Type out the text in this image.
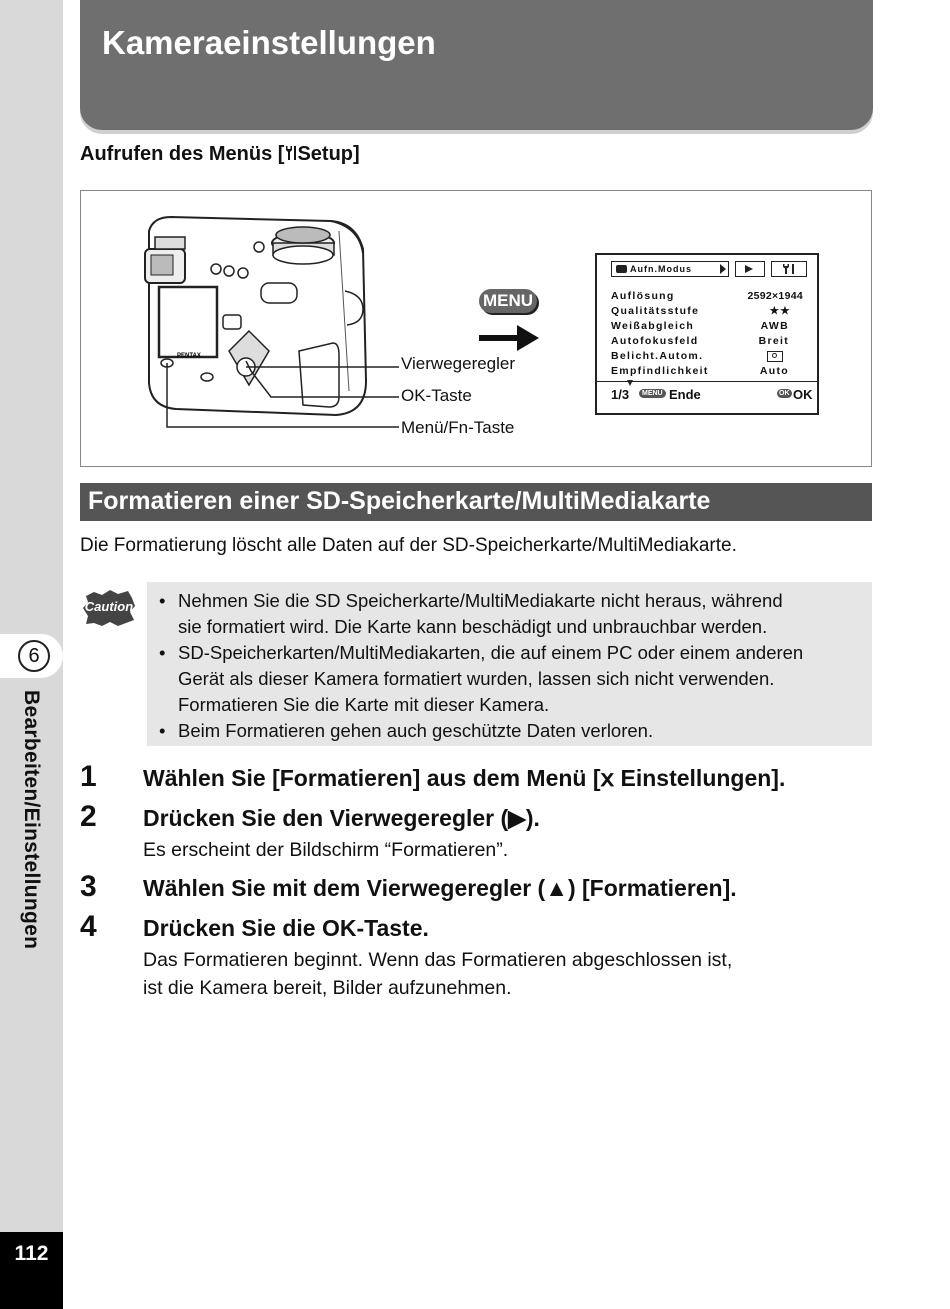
6
Bearbeiten/Einstellungen
112
Kameraeinstellungen
Aufrufen des Menüs [ Setup]
PENTAX
MENU
Vierwegeregler
OK-Taste
Menü/Fn-Taste
Aufn.Modus
Auflösung	2592×1944
Qualitätsstufe	★★
Weißabgleich	AWB
Autofokusfeld	Breit
Belicht.Autom.
Empfindlichkeit	Auto
1/3	MENU Ende	OK OK
Formatieren einer SD-Speicherkarte/MultiMediakarte
Die Formatierung löscht alle Daten auf der SD-Speicherkarte/MultiMediakarte.
Caution
•	Nehmen Sie die SD Speicherkarte/MultiMediakarte nicht heraus, während
sie formatiert wird. Die Karte kann beschädigt und unbrauchbar werden.
• SD-Speicherkarten/MultiMediakarten, die auf einem PC oder einem anderen
Gerät als dieser Kamera formatiert wurden, lassen sich nicht verwenden.
Formatieren Sie die Karte mit dieser Kamera.
• Beim Formatieren gehen auch geschützte Daten verloren.
1 Wählen Sie [Formatieren] aus dem Menü [ⅹ Einstellungen].
2 Drücken Sie den Vierwegeregler (▶).
Es erscheint der Bildschirm “Formatieren”.
3 Wählen Sie mit dem Vierwegeregler (▲) [Formatieren].
4 Drücken Sie die OK-Taste.
Das Formatieren beginnt. Wenn das Formatieren abgeschlossen ist,
ist die Kamera bereit, Bilder aufzunehmen.
